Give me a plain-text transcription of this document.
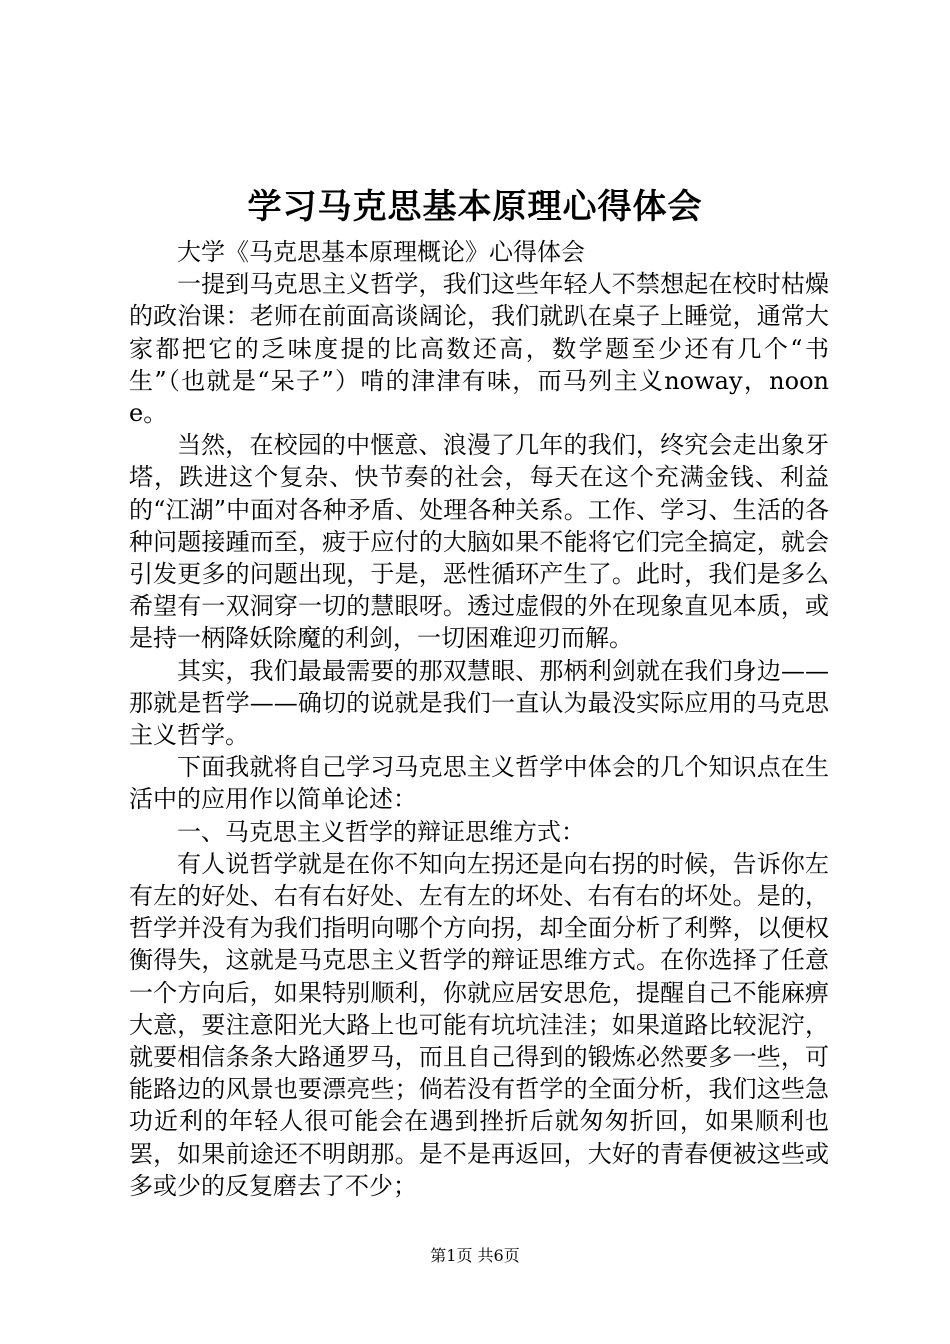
学习马克思基本原理心得体会

大学《马克思基本原理概论》心得体会

一提到马克思主义哲学，我们这些年轻人不禁想起在校时枯燥的政治课：老师在前面高谈阔论，我们就趴在桌子上睡觉，通常大家都把它的乏味度提的比高数还高，数学题至少还有几个“书生”（也就是“呆子”）啃的津津有味，而马列主义noway，noone。

当然，在校园的中惬意、浪漫了几年的我们，终究会走出象牙塔，跌进这个复杂、快节奏的社会，每天在这个充满金钱、利益的“江湖”中面对各种矛盾、处理各种关系。工作、学习、生活的各种问题接踵而至，疲于应付的大脑如果不能将它们完全搞定，就会引发更多的问题出现，于是，恶性循环产生了。此时，我们是多么希望有一双洞穿一切的慧眼呀。透过虚假的外在现象直见本质，或是持一柄降妖除魔的利剑，一切困难迎刃而解。

其实，我们最最需要的那双慧眼、那柄利剑就在我们身边——那就是哲学——确切的说就是我们一直认为最没实际应用的马克思主义哲学。

下面我就将自己学习马克思主义哲学中体会的几个知识点在生活中的应用作以简单论述：

一、马克思主义哲学的辩证思维方式：

有人说哲学就是在你不知向左拐还是向右拐的时候，告诉你左有左的好处、右有右好处、左有左的坏处、右有右的坏处。是的，哲学并没有为我们指明向哪个方向拐，却全面分析了利弊，以便权衡得失，这就是马克思主义哲学的辩证思维方式。在你选择了任意一个方向后，如果特别顺利，你就应居安思危，提醒自己不能麻痹大意，要注意阳光大路上也可能有坑坑洼洼；如果道路比较泥泞，就要相信条条大路通罗马，而且自己得到的锻炼必然要多一些，可能路边的风景也要漂亮些；倘若没有哲学的全面分析，我们这些急功近利的年轻人很可能会在遇到挫折后就匆匆折回，如果顺利也罢，如果前途还不明朗那。是不是再返回，大好的青春便被这些或多或少的反复磨去了不少；

第1页 共6页
